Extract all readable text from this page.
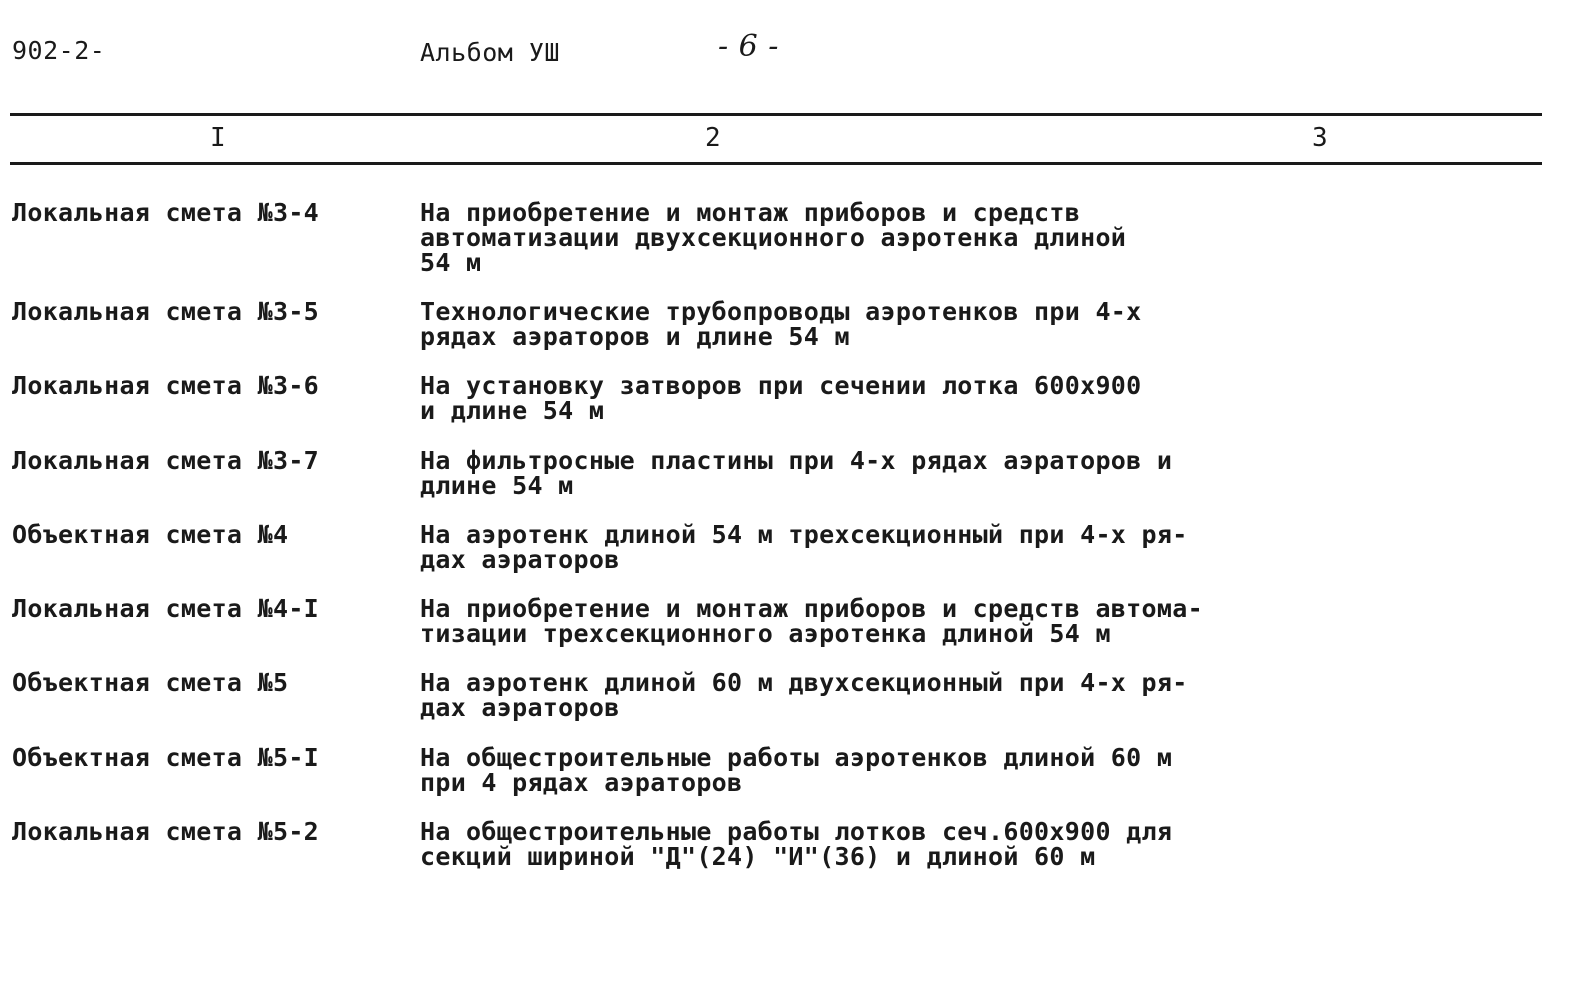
902-2-	Альбом УШ	- 6 -
I	2	3
Локальная смета №3-4	На приобретение и монтаж приборов и средств
автоматизации двухсекционного аэротенка длиной
54 м
Локальная смета №3-5	Технологические трубопроводы аэротенков при 4-х
рядах аэраторов и длине 54 м
Локальная смета №3-6	На установку затворов при сечении лотка 600х900
и длине 54 м
Локальная смета №3-7	На фильтросные пластины при 4-х рядах аэраторов и
длине 54 м
Объектная смета №4	На аэротенк длиной 54 м трехсекционный при 4-х ря-
дах аэраторов
Локальная смета №4-I	На приобретение и монтаж приборов и средств автома-
тизации трехсекционного аэротенка длиной 54 м
Объектная смета №5	На аэротенк длиной 60 м двухсекционный при 4-х ря-
дах аэраторов
Объектная смета №5-I	На общестроительные работы аэротенков длиной 60 м
при 4 рядах аэраторов
Локальная смета №5-2	На общестроительные работы лотков сеч.600х900 для
секций шириной "Д"(24) "И"(36) и длиной 60 м
